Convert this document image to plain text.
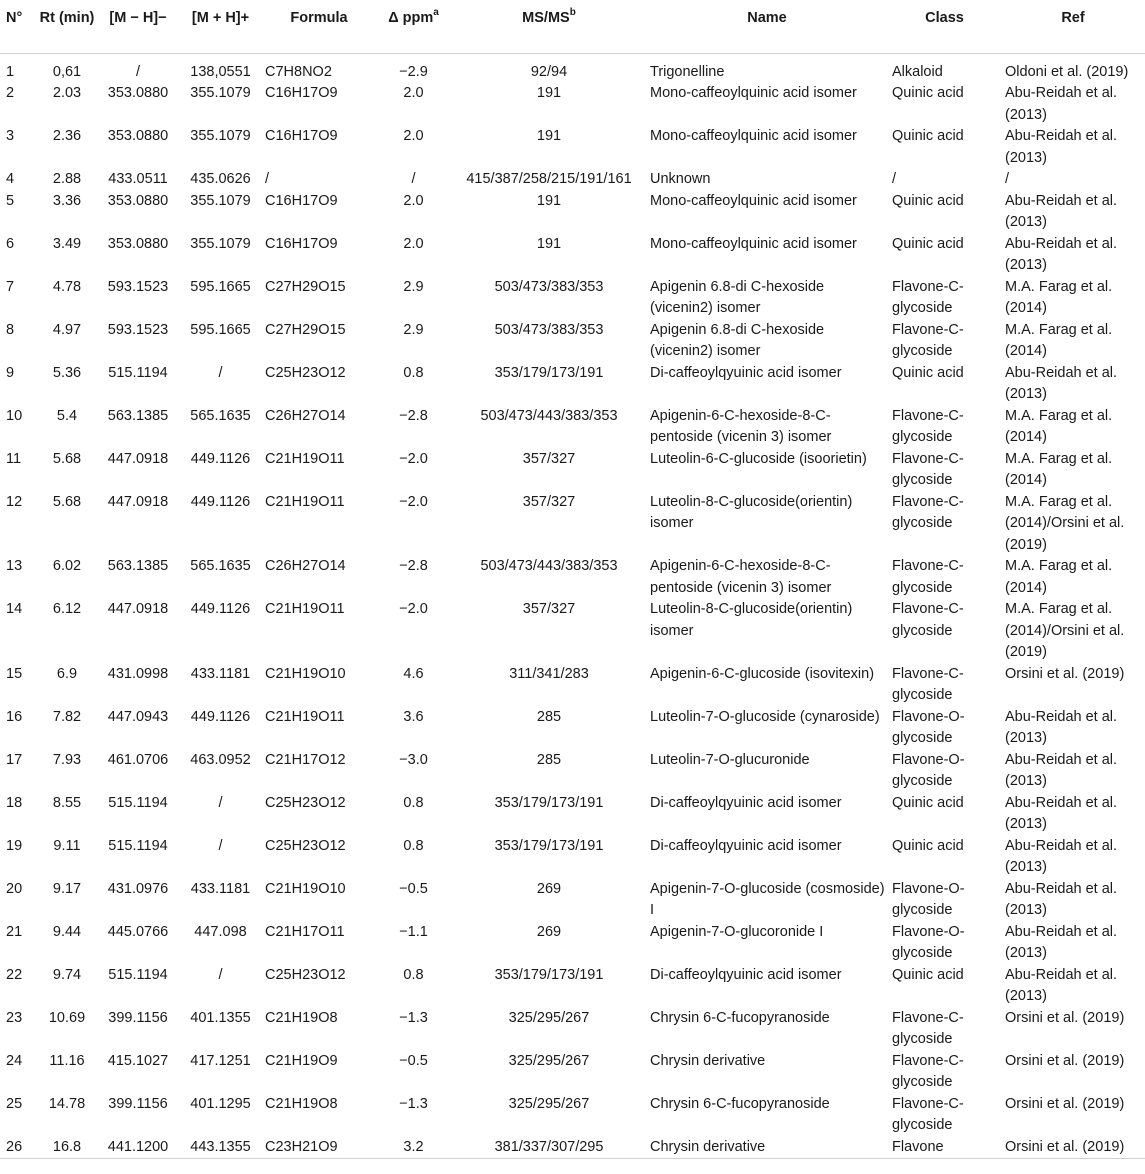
N°	Rt (min)	[M − H]−	[M + H]+	Formula	Δ ppm$^a$	$MS/MS^b$	Name	Class	Ref
1	0,61	/	138,0551	C7H8NO2	−2.9	92/94	Trigonelline	Alkaloid	Oldoni et al. (2019)
2	2.03	353.0880	355.1079	C16H17O9	2.0	191	Mono-caffeoylquinic acid isomer	Quinic acid	Abu-Reidah et al. (2013)
3	2.36	353.0880	355.1079	C16H17O9	2.0	191	Mono-caffeoylquinic acid isomer	Quinic acid	Abu-Reidah et al. (2013)
4	2.88	433.0511	435.0626	/	/	415/387/258/215/191/161	Unknown	/	/
5	3.36	353.0880	355.1079	C16H17O9	2.0	191	Mono-caffeoylquinic acid isomer	Quinic acid	Abu-Reidah et al. (2013)
6	3.49	353.0880	355.1079	C16H17O9	2.0	191	Mono-caffeoylquinic acid isomer	Quinic acid	Abu-Reidah et al. (2013)
7	4.78	593.1523	595.1665	C27H29O15	2.9	503/473/383/353	Apigenin 6.8-di C-hexoside (vicenin2) isomer	Flavone-C-glycoside	M.A. Farag et al. (2014)
8	4.97	593.1523	595.1665	C27H29O15	2.9	503/473/383/353	Apigenin 6.8-di C-hexoside (vicenin2) isomer	Flavone-C-glycoside	M.A. Farag et al. (2014)
9	5.36	515.1194	/	C25H23O12	0.8	353/179/173/191	Di-caffeoylqyuinic acid isomer	Quinic acid	Abu-Reidah et al. (2013)
10	5.4	563.1385	565.1635	C26H27O14	−2.8	503/473/443/383/353	Apigenin-6-C-hexoside-8-C-pentoside (vicenin 3) isomer	Flavone-C-glycoside	M.A. Farag et al. (2014)
11	5.68	447.0918	449.1126	C21H19O11	−2.0	357/327	Luteolin-6-C-glucoside (isoorietin)	Flavone-C-glycoside	M.A. Farag et al. (2014)
12	5.68	447.0918	449.1126	C21H19O11	−2.0	357/327	Luteolin-8-C-glucoside(orientin) isomer	Flavone-C-glycoside	M.A. Farag et al. (2014)/Orsini et al. (2019)
13	6.02	563.1385	565.1635	C26H27O14	−2.8	503/473/443/383/353	Apigenin-6-C-hexoside-8-C-pentoside (vicenin 3) isomer	Flavone-C-glycoside	M.A. Farag et al. (2014)
14	6.12	447.0918	449.1126	C21H19O11	−2.0	357/327	Luteolin-8-C-glucoside(orientin) isomer	Flavone-C-glycoside	M.A. Farag et al. (2014)/Orsini et al. (2019)
15	6.9	431.0998	433.1181	C21H19O10	4.6	311/341/283	Apigenin-6-C-glucoside (isovitexin)	Flavone-C-glycoside	Orsini et al. (2019)
16	7.82	447.0943	449.1126	C21H19O11	3.6	285	Luteolin-7-O-glucoside (cynaroside)	Flavone-O-glycoside	Abu-Reidah et al. (2013)
17	7.93	461.0706	463.0952	C21H17O12	−3.0	285	Luteolin-7-O-glucuronide	Flavone-O-glycoside	Abu-Reidah et al. (2013)
18	8.55	515.1194	/	C25H23O12	0.8	353/179/173/191	Di-caffeoylqyuinic acid isomer	Quinic acid	Abu-Reidah et al. (2013)
19	9.11	515.1194	/	C25H23O12	0.8	353/179/173/191	Di-caffeoylqyuinic acid isomer	Quinic acid	Abu-Reidah et al. (2013)
20	9.17	431.0976	433.1181	C21H19O10	−0.5	269	Apigenin-7-O-glucoside (cosmoside) I	Flavone-O-glycoside	Abu-Reidah et al. (2013)
21	9.44	445.0766	447.098	C21H17O11	−1.1	269	Apigenin-7-O-glucoronide I	Flavone-O-glycoside	Abu-Reidah et al. (2013)
22	9.74	515.1194	/	C25H23O12	0.8	353/179/173/191	Di-caffeoylqyuinic acid isomer	Quinic acid	Abu-Reidah et al. (2013)
23	10.69	399.1156	401.1355	C21H19O8	−1.3	325/295/267	Chrysin 6-C-fucopyranoside	Flavone-C-glycoside	Orsini et al. (2019)
24	11.16	415.1027	417.1251	C21H19O9	−0.5	325/295/267	Chrysin derivative	Flavone-C-glycoside	Orsini et al. (2019)
25	14.78	399.1156	401.1295	C21H19O8	−1.3	325/295/267	Chrysin 6-C-fucopyranoside	Flavone-C-glycoside	Orsini et al. (2019)
26	16.8	441.1200	443.1355	C23H21O9	3.2	381/337/307/295	Chrysin derivative	Flavone	Orsini et al. (2019)
